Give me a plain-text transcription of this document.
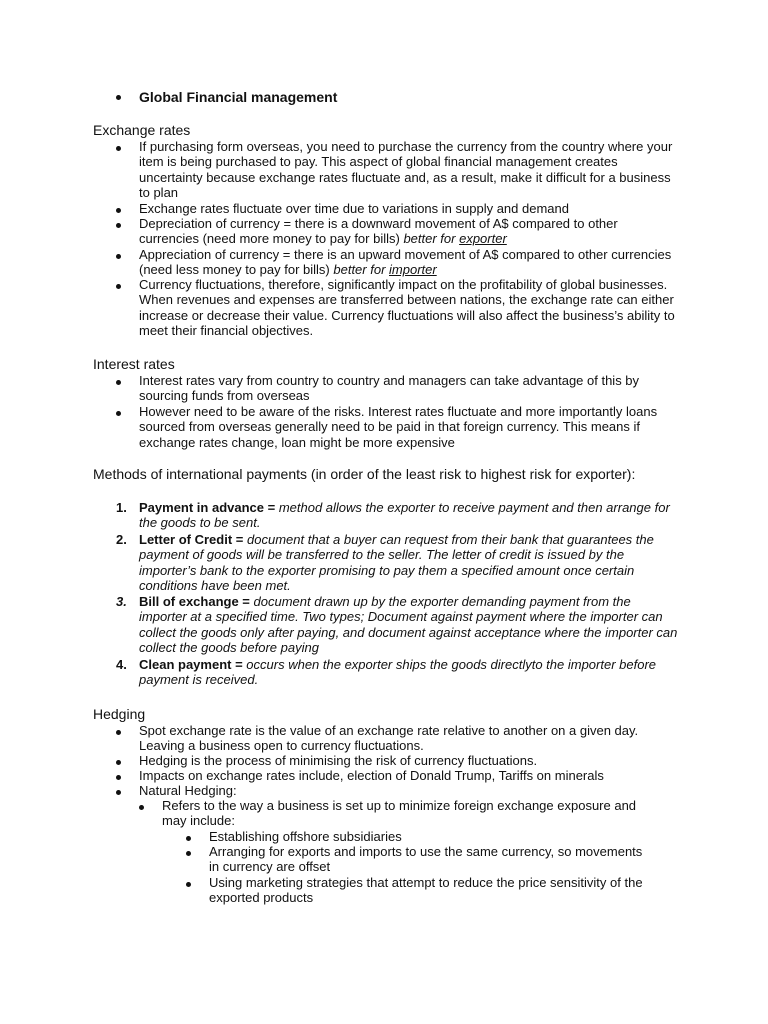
Global Financial management
Exchange rates
If purchasing form overseas, you need to purchase the currency from the country where your item is being purchased to pay. This aspect of global financial management creates uncertainty because exchange rates fluctuate and, as a result, make it difficult for a business to plan
Exchange rates fluctuate over time due to variations in supply and demand
Depreciation of currency = there is a downward movement of A$ compared to other currencies (need more money to pay for bills) better for exporter
Appreciation of currency = there is an upward movement of A$ compared to other currencies (need less money to pay for bills) better for importer
Currency fluctuations, therefore, significantly impact on the profitability of global businesses. When revenues and expenses are transferred between nations, the exchange rate can either increase or decrease their value. Currency fluctuations will also affect the business’s ability to meet their financial objectives.
Interest rates
Interest rates vary from country to country and managers can take advantage of this by sourcing funds from overseas
However need to be aware of the risks. Interest rates fluctuate and more importantly loans sourced from overseas generally need to be paid in that foreign currency. This means if exchange rates change, loan might be more expensive
Methods of international payments (in order of the least risk to highest risk for exporter):
1. Payment in advance = method allows the exporter to receive payment and then arrange for the goods to be sent.
2. Letter of Credit = document that a buyer can request from their bank that guarantees the payment of goods will be transferred to the seller. The letter of credit is issued by the importer’s bank to the exporter promising to pay them a specified amount once certain conditions have been met.
3. Bill of exchange = document drawn up by the exporter demanding payment from the importer at a specified time. Two types; Document against payment where the importer can collect the goods only after paying, and document against acceptance where the importer can collect the goods before paying
4. Clean payment = occurs when the exporter ships the goods directlyto the importer before payment is received.
Hedging
Spot exchange rate is the value of an exchange rate relative to another on a given day. Leaving a business open to currency fluctuations.
Hedging is the process of minimising the risk of currency fluctuations.
Impacts on exchange rates include, election of Donald Trump, Tariffs on minerals
Natural Hedging:
Refers to the way a business is set up to minimize foreign exchange exposure and may include:
Establishing offshore subsidiaries
Arranging for exports and imports to use the same currency, so movements in currency are offset
Using marketing strategies that attempt to reduce the price sensitivity of the exported products
